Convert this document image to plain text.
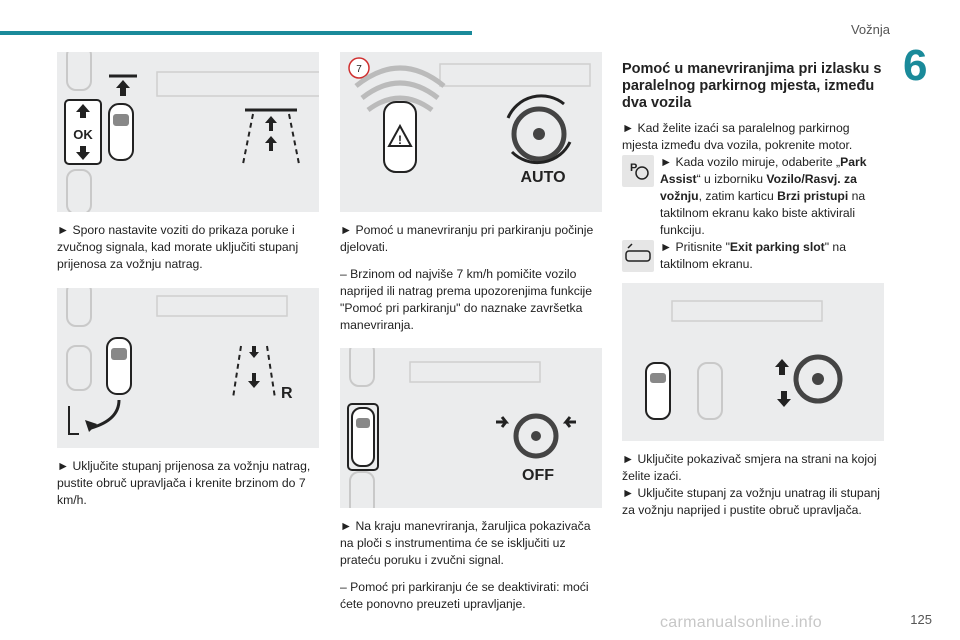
Vožnja
6
OK

► Sporo nastavite voziti do prikaza poruke i zvučnog signala, kad morate uključiti stupanj prijenosa za vožnju natrag.

R

► Uključite stupanj prijenosa za vožnju natrag, pustite obruč upravljača i krenite brzinom do 7 km/h.

7
!
AUTO

► Pomoć u manevriranju pri parkiranju počinje djelovati.

– Brzinom od najviše 7 km/h pomičite vozilo naprijed ili natrag prema upozorenjima funkcije "Pomoć pri parkiranju" do naznake završetka manevriranja.

OFF

► Na kraju manevriranja, žaruljica pokazivača na ploči s instrumentima će se isključiti uz prateću poruku i zvučni signal.

– Pomoć pri parkiranju će se deaktivirati: moći ćete ponovno preuzeti upravljanje.

Pomoć u manevriranjima pri izlasku s paralelnog parkirnog mjesta, između dva vozila

► Kad želite izaći sa paralelnog parkirnog mjesta između dva vozila, pokrenite motor.

P ► Kada vozilo miruje, odaberite „Park Assist“ u izborniku Vozilo/Rasvj. za vožnju, zatim karticu Brzi pristupi na taktilnom ekranu kako biste aktivirali funkciju.

► Pritisnite "Exit parking slot" na taktilnom ekranu.

► Uključite pokazivač smjera na strani na kojoj želite izaći.

► Uključite stupanj za vožnju unatrag ili stupanj za vožnju naprijed i pustite obruč upravljača.

carmanualsonline.info	125
